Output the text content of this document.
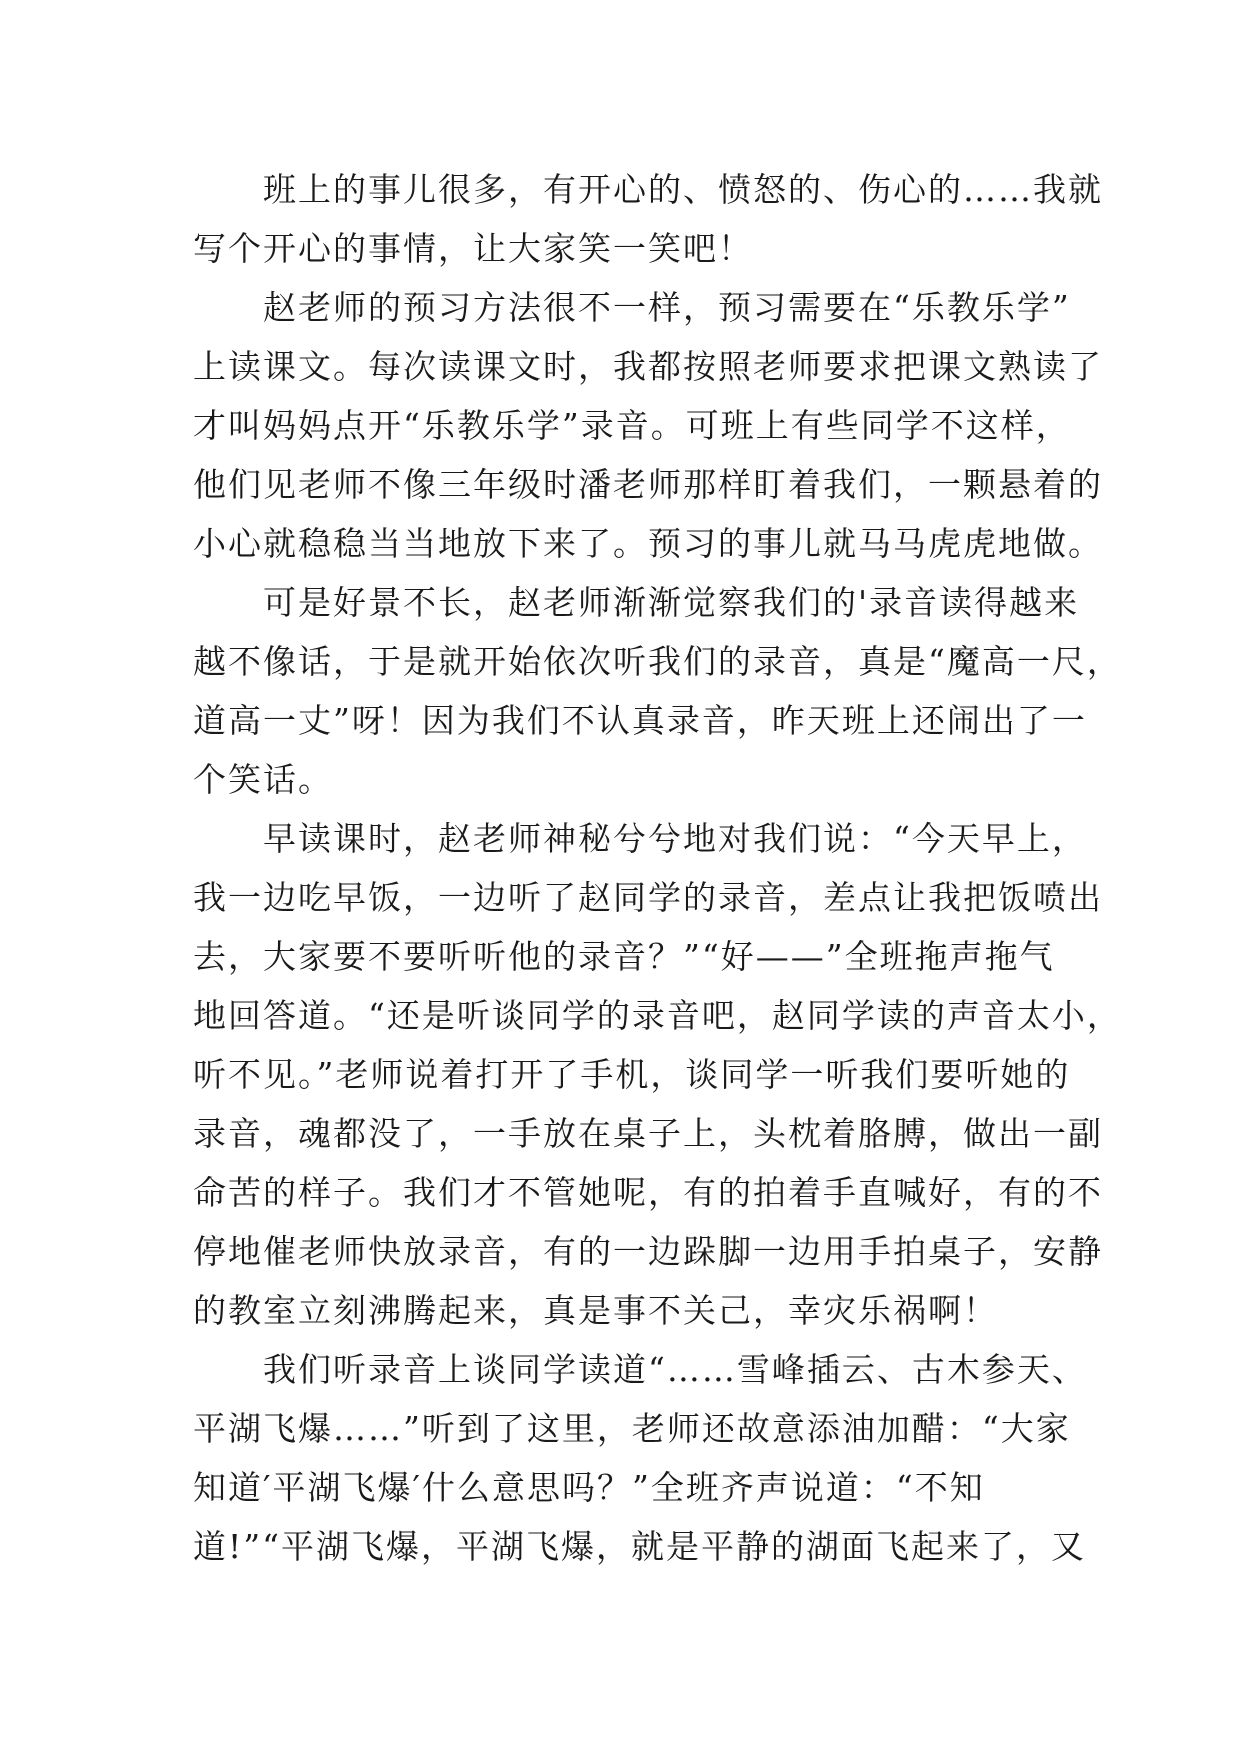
班上的事儿很多，有开心的、愤怒的、伤心的……我就
写个开心的事情，让大家笑一笑吧！
赵老师的预习方法很不一样，预习需要在“乐教乐学”
上读课文。每次读课文时，我都按照老师要求把课文熟读了
才叫妈妈点开“乐教乐学”录音。可班上有些同学不这样，
他们见老师不像三年级时潘老师那样盯着我们，一颗悬着的
小心就稳稳当当地放下来了。预习的事儿就马马虎虎地做。
可是好景不长，赵老师渐渐觉察我们的'录音读得越来
越不像话，于是就开始依次听我们的录音，真是“魔高一尺，
道高一丈”呀！因为我们不认真录音，昨天班上还闹出了一
个笑话。
早读课时，赵老师神秘兮兮地对我们说：“今天早上，
我一边吃早饭，一边听了赵同学的录音，差点让我把饭喷出
去，大家要不要听听他的录音？”“好——”全班拖声拖气
地回答道。“还是听谈同学的录音吧，赵同学读的声音太小，
听不见。”老师说着打开了手机，谈同学一听我们要听她的
录音，魂都没了，一手放在桌子上，头枕着胳膊，做出一副
命苦的样子。我们才不管她呢，有的拍着手直喊好，有的不
停地催老师快放录音，有的一边跺脚一边用手拍桌子，安静
的教室立刻沸腾起来，真是事不关己，幸灾乐祸啊！
我们听录音上谈同学读道“……雪峰插云、古木参天、
平湖飞爆……”听到了这里，老师还故意添油加醋：“大家
知道′平湖飞爆′什么意思吗？”全班齐声说道：“不知
道!”“平湖飞爆，平湖飞爆，就是平静的湖面飞起来了，又
